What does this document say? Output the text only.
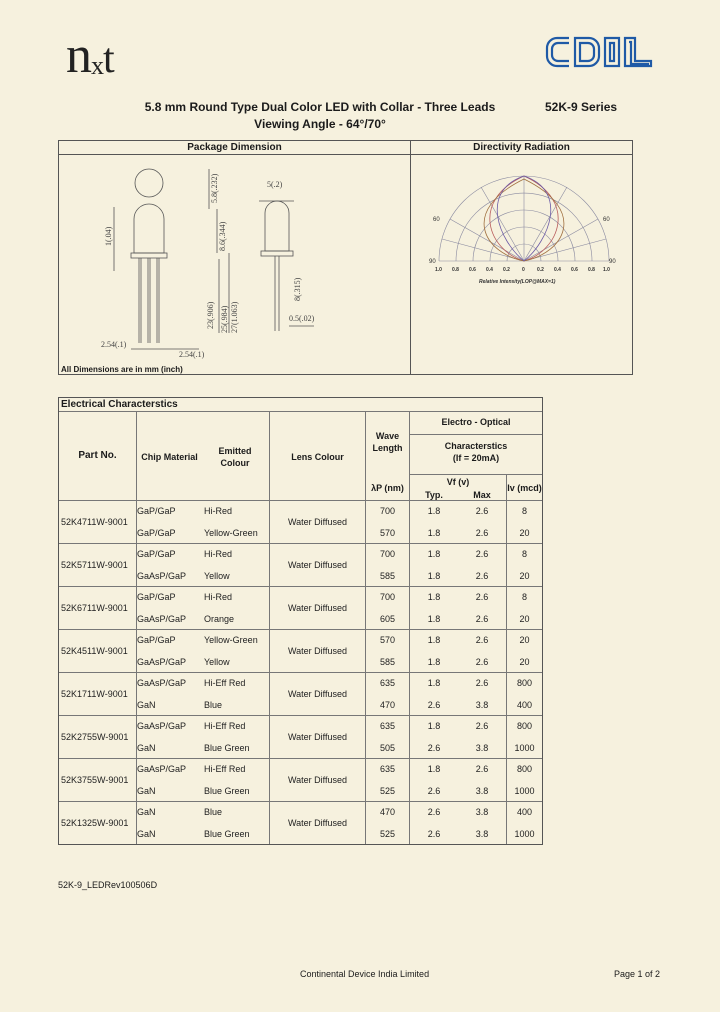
nxt
5.8 mm Round Type Dual Color LED with Collar - Three Leads	52K-9 Series
Viewing Angle - 64°/70°
Package Dimension	Directivity Radiation
5.8(.232)	5(.2)
1(.04)	8.6(.344)
8(.315)
25(.984) 27(1.063)
23(.906)	0.5(.02)
2.54(.1)
2.54(.1)
All Dimensions are in mm (inch)
60	60
90	90
1.0 0.8 0.6 0.4 0.2 0 0.2 0.4 0.6 0.8 1.0
Relative Intensity(LOP@MAX=1)
Electrical Characterstics
Part No.	Chip Material
Emitted
Colour
Lens Colour
Wave
Length
λP (nm)
Electro - Optical
Characterstics
(If = 20mA)
Vf (v)
Typ.	Max
Iv (mcd)
52K4711W-9001	Water Diffused
GaP/GaP	Hi-Red	700	1.8	2.6	8
GaP/GaP	Yellow-Green	570	1.8	2.6	20
52K5711W-9001	Water Diffused
GaP/GaP	Hi-Red	700	1.8	2.6	8
GaAsP/GaP Yellow	585	1.8	2.6	20
52K6711W-9001	Water Diffused
GaP/GaP	Hi-Red	700	1.8	2.6	8
GaAsP/GaP Orange	605	1.8	2.6	20
52K4511W-9001	Water Diffused
GaP/GaP	Yellow-Green	570	1.8	2.6	20
GaAsP/GaP Yellow	585	1.8	2.6	20
52K1711W-9001	Water Diffused
GaAsP/GaP Hi-Eff Red	635	1.8	2.6	800
GaN	Blue	470	2.6	3.8	400
52K2755W-9001	Water Diffused
GaAsP/GaP Hi-Eff Red	635	1.8	2.6	800
GaN	Blue Green	505	2.6	3.8	1000
52K3755W-9001	Water Diffused
GaAsP/GaP Hi-Eff Red	635	1.8	2.6	800
GaN	Blue Green	525	2.6	3.8	1000
52K1325W-9001	Water Diffused
GaN	Blue	470	2.6	3.8	400
GaN	Blue Green	525	2.6	3.8	1000
52K-9_LEDRev100506D
Continental Device India Limited	Page 1 of 2
